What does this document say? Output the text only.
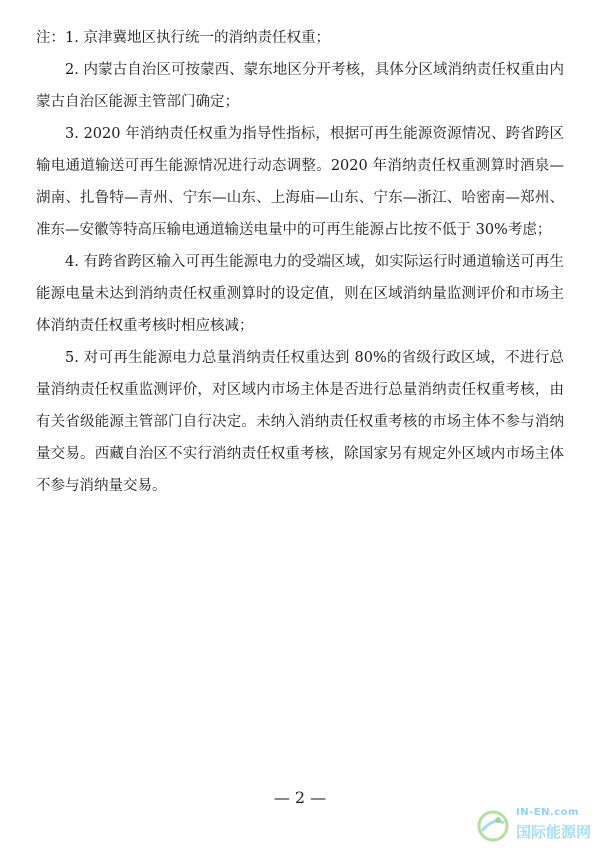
注：1. 京津冀地区执行统一的消纳责任权重；

2. 内蒙古自治区可按蒙西、蒙东地区分开考核，具体分区域消纳责任权重由内蒙古自治区能源主管部门确定；

3. 2020 年消纳责任权重为指导性指标，根据可再生能源资源情况、跨省跨区输电通道输送可再生能源情况进行动态调整。2020 年消纳责任权重测算时酒泉—湖南、扎鲁特—青州、宁东—山东、上海庙—山东、宁东—浙江、哈密南—郑州、准东—安徽等特高压输电通道输送电量中的可再生能源占比按不低于 30%考虑；

4. 有跨省跨区输入可再生能源电力的受端区域，如实际运行时通道输送可再生能源电量未达到消纳责任权重测算时的设定值，则在区域消纳量监测评价和市场主体消纳责任权重考核时相应核减；

5. 对可再生能源电力总量消纳责任权重达到 80%的省级行政区域，不进行总量消纳责任权重监测评价，对区域内市场主体是否进行总量消纳责任权重考核，由有关省级能源主管部门自行决定。未纳入消纳责任权重考核的市场主体不参与消纳量交易。西藏自治区不实行消纳责任权重考核，除国家另有规定外区域内市场主体不参与消纳量交易。

— 2 —
IN-EN.com
国际能源网
